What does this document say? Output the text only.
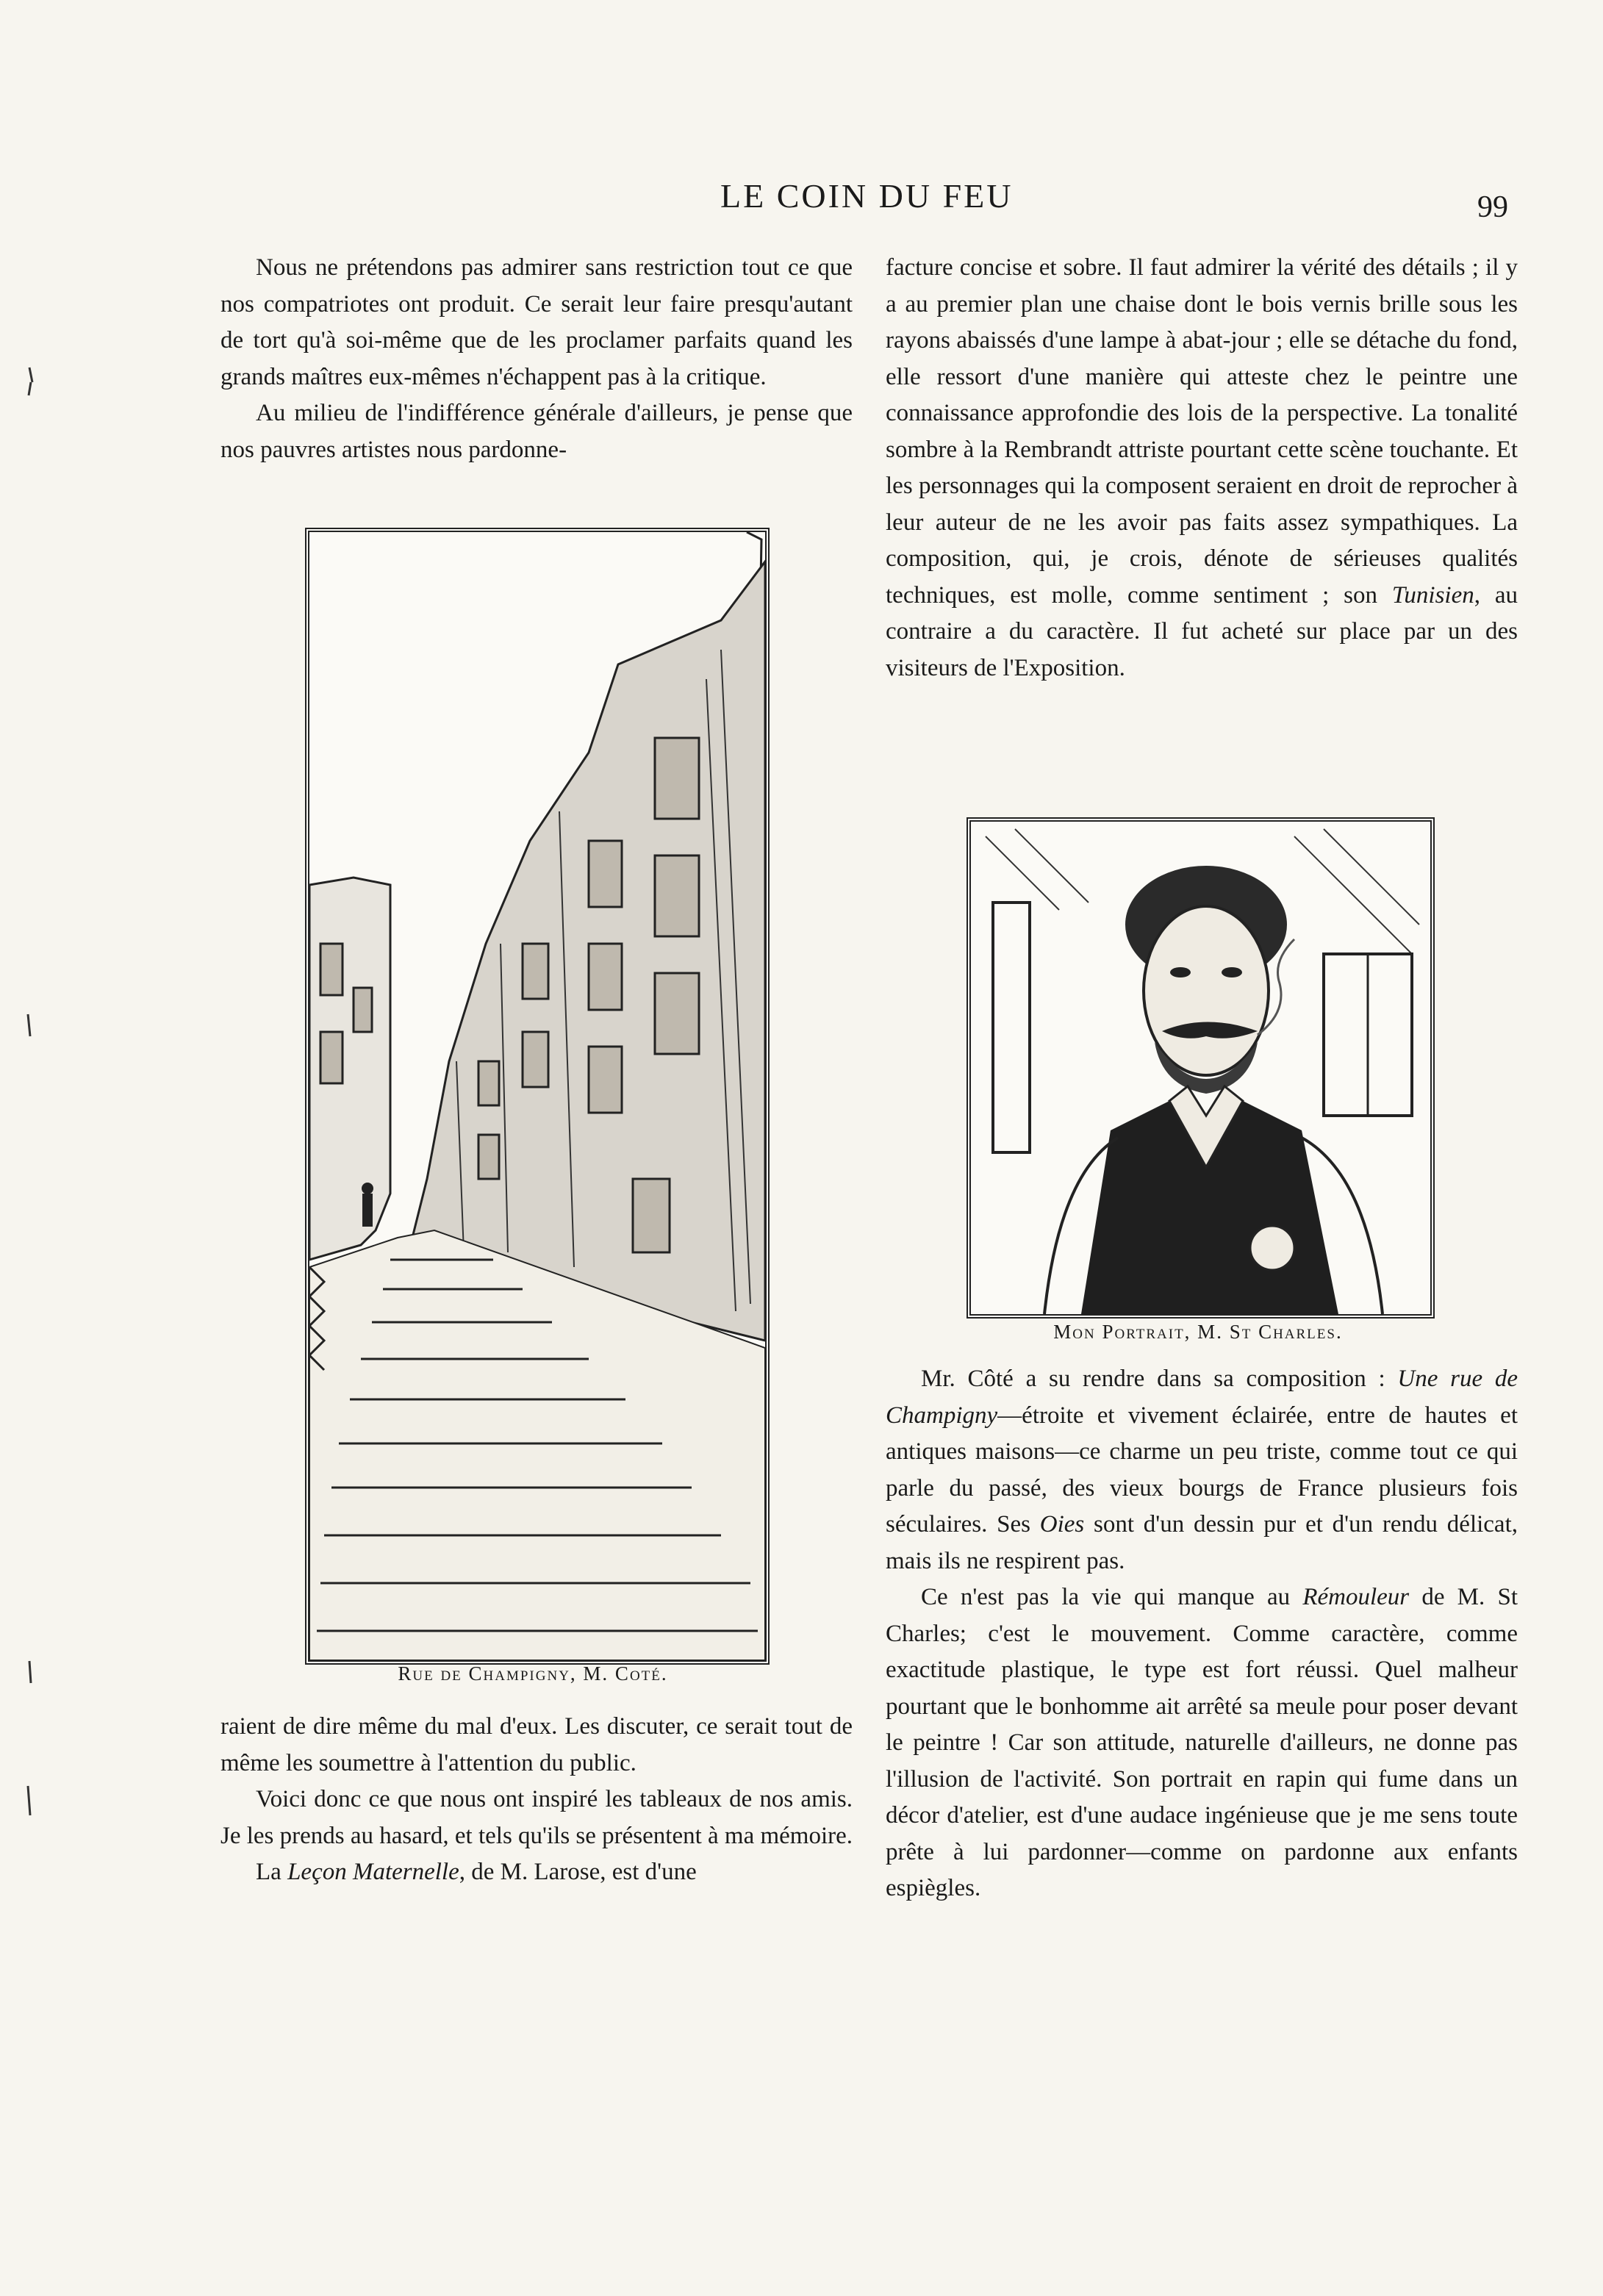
LE COIN DU FEU	99

Nous ne prétendons pas admirer sans restriction tout ce que nos compatriotes ont produit. Ce serait leur faire presqu'autant de tort qu'à soi-même que de les proclamer parfaits quand les grands maîtres eux-mêmes n'échappent pas à la critique.

Au milieu de l'indifférence générale d'ailleurs, je pense que nos pauvres artistes nous pardonne-

Rue de Champigny, M. Coté.

raient de dire même du mal d'eux. Les discuter, ce serait tout de même les soumettre à l'attention du public.

Voici donc ce que nous ont inspiré les tableaux de nos amis. Je les prends au hasard, et tels qu'ils se présentent à ma mémoire.

La Leçon Maternelle, de M. Larose, est d'une

facture concise et sobre. Il faut admirer la vérité des détails ; il y a au premier plan une chaise dont le bois vernis brille sous les rayons abaissés d'une lampe à abat-jour ; elle se détache du fond, elle ressort d'une manière qui atteste chez le peintre une connaissance approfondie des lois de la perspective. La tonalité sombre à la Rembrandt attriste pourtant cette scène touchante. Et les personnages qui la composent seraient en droit de reprocher à leur auteur de ne les avoir pas faits assez sympathiques. La composition, qui, je crois, dénote de sérieuses qualités techniques, est molle, comme sentiment ; son Tunisien, au contraire a du caractère. Il fut acheté sur place par un des visiteurs de l'Exposition.

Mon Portrait, M. St Charles.

Mr. Côté a su rendre dans sa composition : Une rue de Champigny—étroite et vivement éclairée, entre de hautes et antiques maisons—ce charme un peu triste, comme tout ce qui parle du passé, des vieux bourgs de France plusieurs fois séculaires. Ses Oies sont d'un dessin pur et d'un rendu délicat, mais ils ne respirent pas.

Ce n'est pas la vie qui manque au Rémouleur de M. St Charles; c'est le mouvement. Comme caractère, comme exactitude plastique, le type est fort réussi. Quel malheur pourtant que le bonhomme ait arrêté sa meule pour poser devant le peintre ! Car son attitude, naturelle d'ailleurs, ne donne pas l'illusion de l'activité. Son portrait en rapin qui fume dans un décor d'atelier, est d'une audace ingénieuse que je me sens toute prête à lui pardonner—comme on pardonne aux enfants espiègles.
